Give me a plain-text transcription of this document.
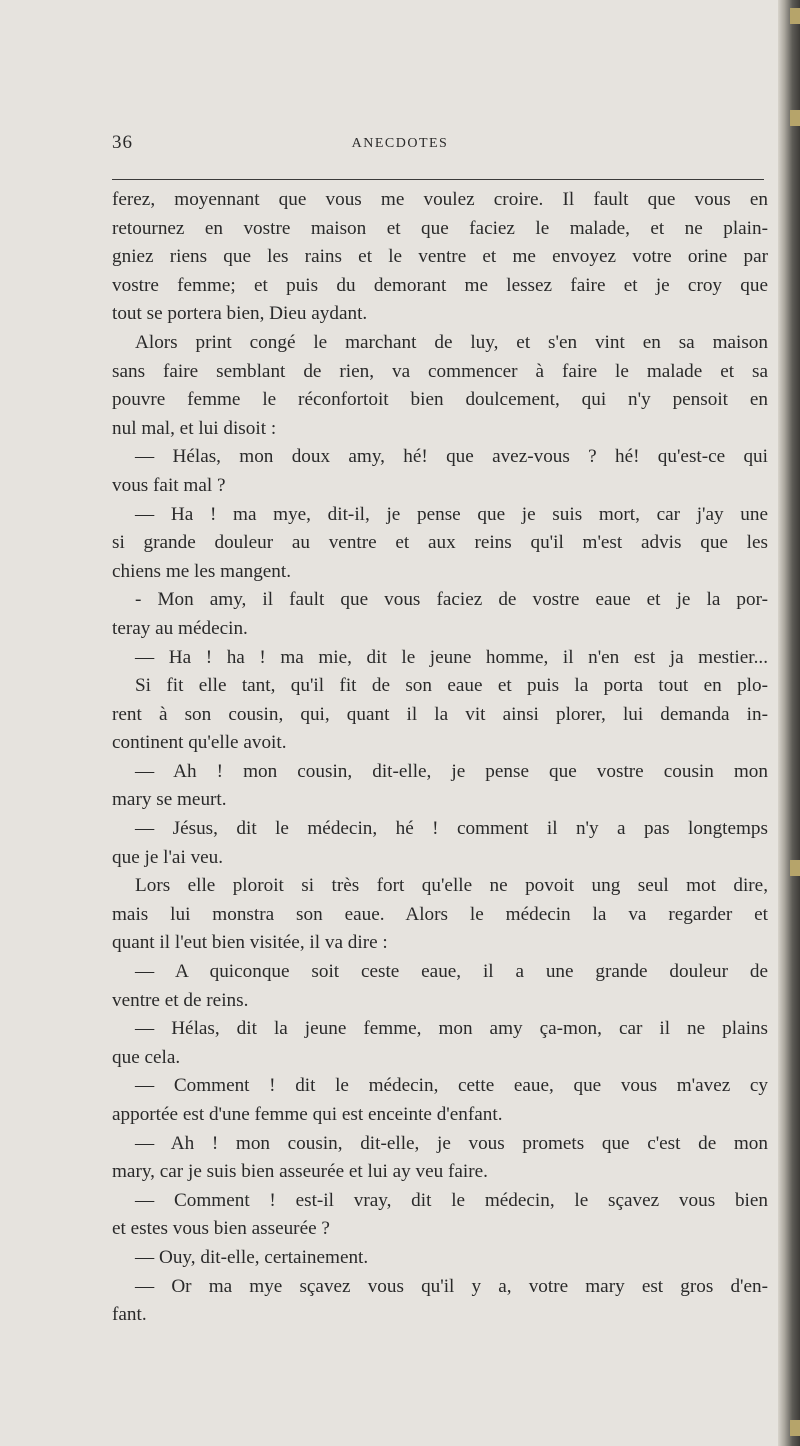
36	ANECDOTES
ferez, moyennant que vous me voulez croire. Il fault que vous en
retournez en vostre maison et que faciez le malade, et ne plain-
gniez riens que les rains et le ventre et me envoyez votre orine par
vostre femme; et puis du demorant me lessez faire et je croy que
tout se portera bien, Dieu aydant.
Alors print congé le marchant de luy, et s'en vint en sa maison
sans faire semblant de rien, va commencer à faire le malade et sa
pouvre femme le réconfortoit bien doulcement, qui n'y pensoit en
nul mal, et lui disoit :
— Hélas, mon doux amy, hé! que avez-vous ? hé! qu'est-ce qui
vous fait mal ?
— Ha ! ma mye, dit-il, je pense que je suis mort, car j'ay une
si grande douleur au ventre et aux reins qu'il m'est advis que les
chiens me les mangent.
- Mon amy, il fault que vous faciez de vostre eaue et je la por-
teray au médecin.
— Ha ! ha ! ma mie, dit le jeune homme, il n'en est ja mestier...
Si fit elle tant, qu'il fit de son eaue et puis la porta tout en plo-
rent à son cousin, qui, quant il la vit ainsi plorer, lui demanda in-
continent qu'elle avoit.
— Ah ! mon cousin, dit-elle, je pense que vostre cousin mon
mary se meurt.
— Jésus, dit le médecin, hé ! comment il n'y a pas longtemps
que je l'ai veu.
Lors elle ploroit si très fort qu'elle ne povoit ung seul mot dire,
mais lui monstra son eaue. Alors le médecin la va regarder et
quant il l'eut bien visitée, il va dire :
— A quiconque soit ceste eaue, il a une grande douleur de
ventre et de reins.
— Hélas, dit la jeune femme, mon amy ça-mon, car il ne plains
que cela.
— Comment ! dit le médecin, cette eaue, que vous m'avez cy
apportée est d'une femme qui est enceinte d'enfant.
— Ah ! mon cousin, dit-elle, je vous promets que c'est de mon
mary, car je suis bien asseurée et lui ay veu faire.
— Comment ! est-il vray, dit le médecin, le sçavez vous bien
et estes vous bien asseurée ?
— Ouy, dit-elle, certainement.
— Or ma mye sçavez vous qu'il y a, votre mary est gros d'en-
fant.
